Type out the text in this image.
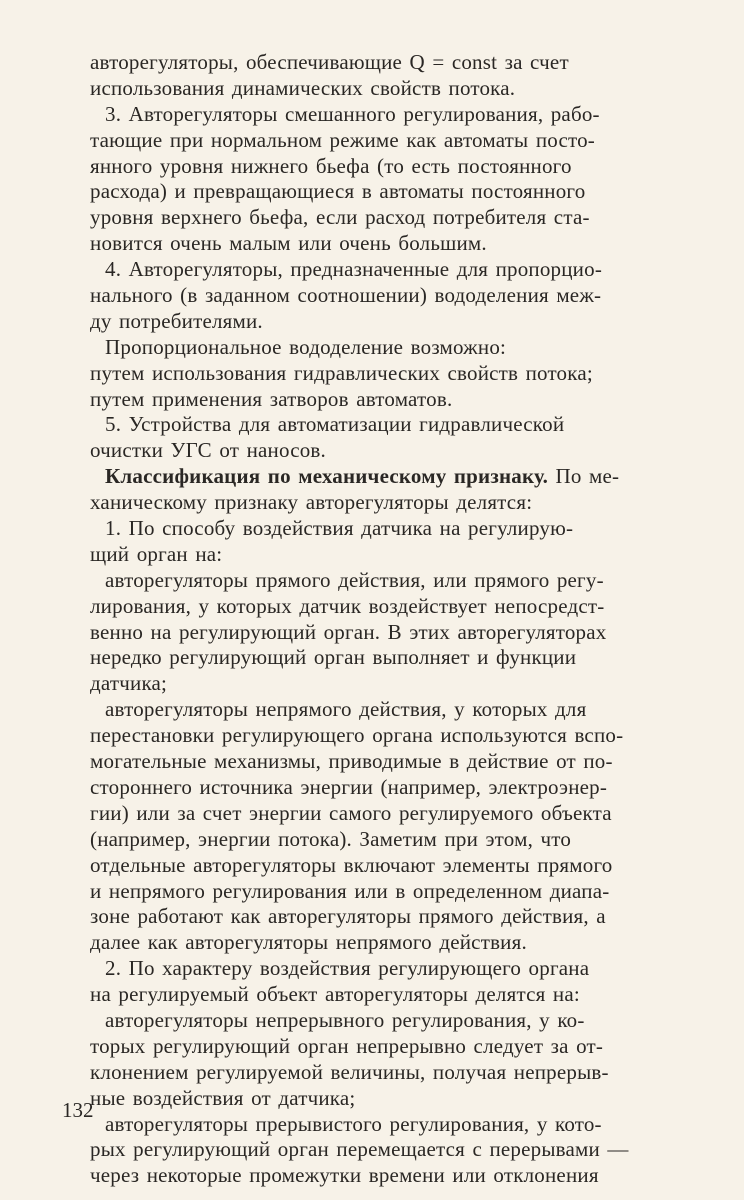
авторегуляторы, обеспечивающие Q = const за счет
использования динамических свойств потока.
3. Авторегуляторы смешанного регулирования, рабо-
тающие при нормальном режиме как автоматы посто-
янного уровня нижнего бьефа (то есть постоянного
расхода) и превращающиеся в автоматы постоянного
уровня верхнего бьефа, если расход потребителя ста-
новится очень малым или очень большим.
4. Авторегуляторы, предназначенные для пропорцио-
нального (в заданном соотношении) вододеления меж-
ду потребителями.
Пропорциональное вододеление возможно:
путем использования гидравлических свойств потока;
путем применения затворов автоматов.
5. Устройства для автоматизации гидравлической
очистки УГС от наносов.
Классификация по механическому признаку. По ме-
ханическому признаку авторегуляторы делятся:
1. По способу воздействия датчика на регулирую-
щий орган на:
авторегуляторы прямого действия, или прямого регу-
лирования, у которых датчик воздействует непосредст-
венно на регулирующий орган. В этих авторегуляторах
нередко регулирующий орган выполняет и функции
датчика;
авторегуляторы непрямого действия, у которых для
перестановки регулирующего органа используются вспо-
могательные механизмы, приводимые в действие от по-
стороннего источника энергии (например, электроэнер-
гии) или за счет энергии самого регулируемого объекта
(например, энергии потока). Заметим при этом, что
отдельные авторегуляторы включают элементы прямого
и непрямого регулирования или в определенном диапа-
зоне работают как авторегуляторы прямого действия, а
далее как авторегуляторы непрямого действия.
2. По характеру воздействия регулирующего органа
на регулируемый объект авторегуляторы делятся на:
авторегуляторы непрерывного регулирования, у ко-
торых регулирующий орган непрерывно следует за от-
клонением регулируемой величины, получая непрерыв-
ные воздействия от датчика;
авторегуляторы прерывистого регулирования, у кото-
рых регулирующий орган перемещается с перерывами —
через некоторые промежутки времени или отклонения
132
